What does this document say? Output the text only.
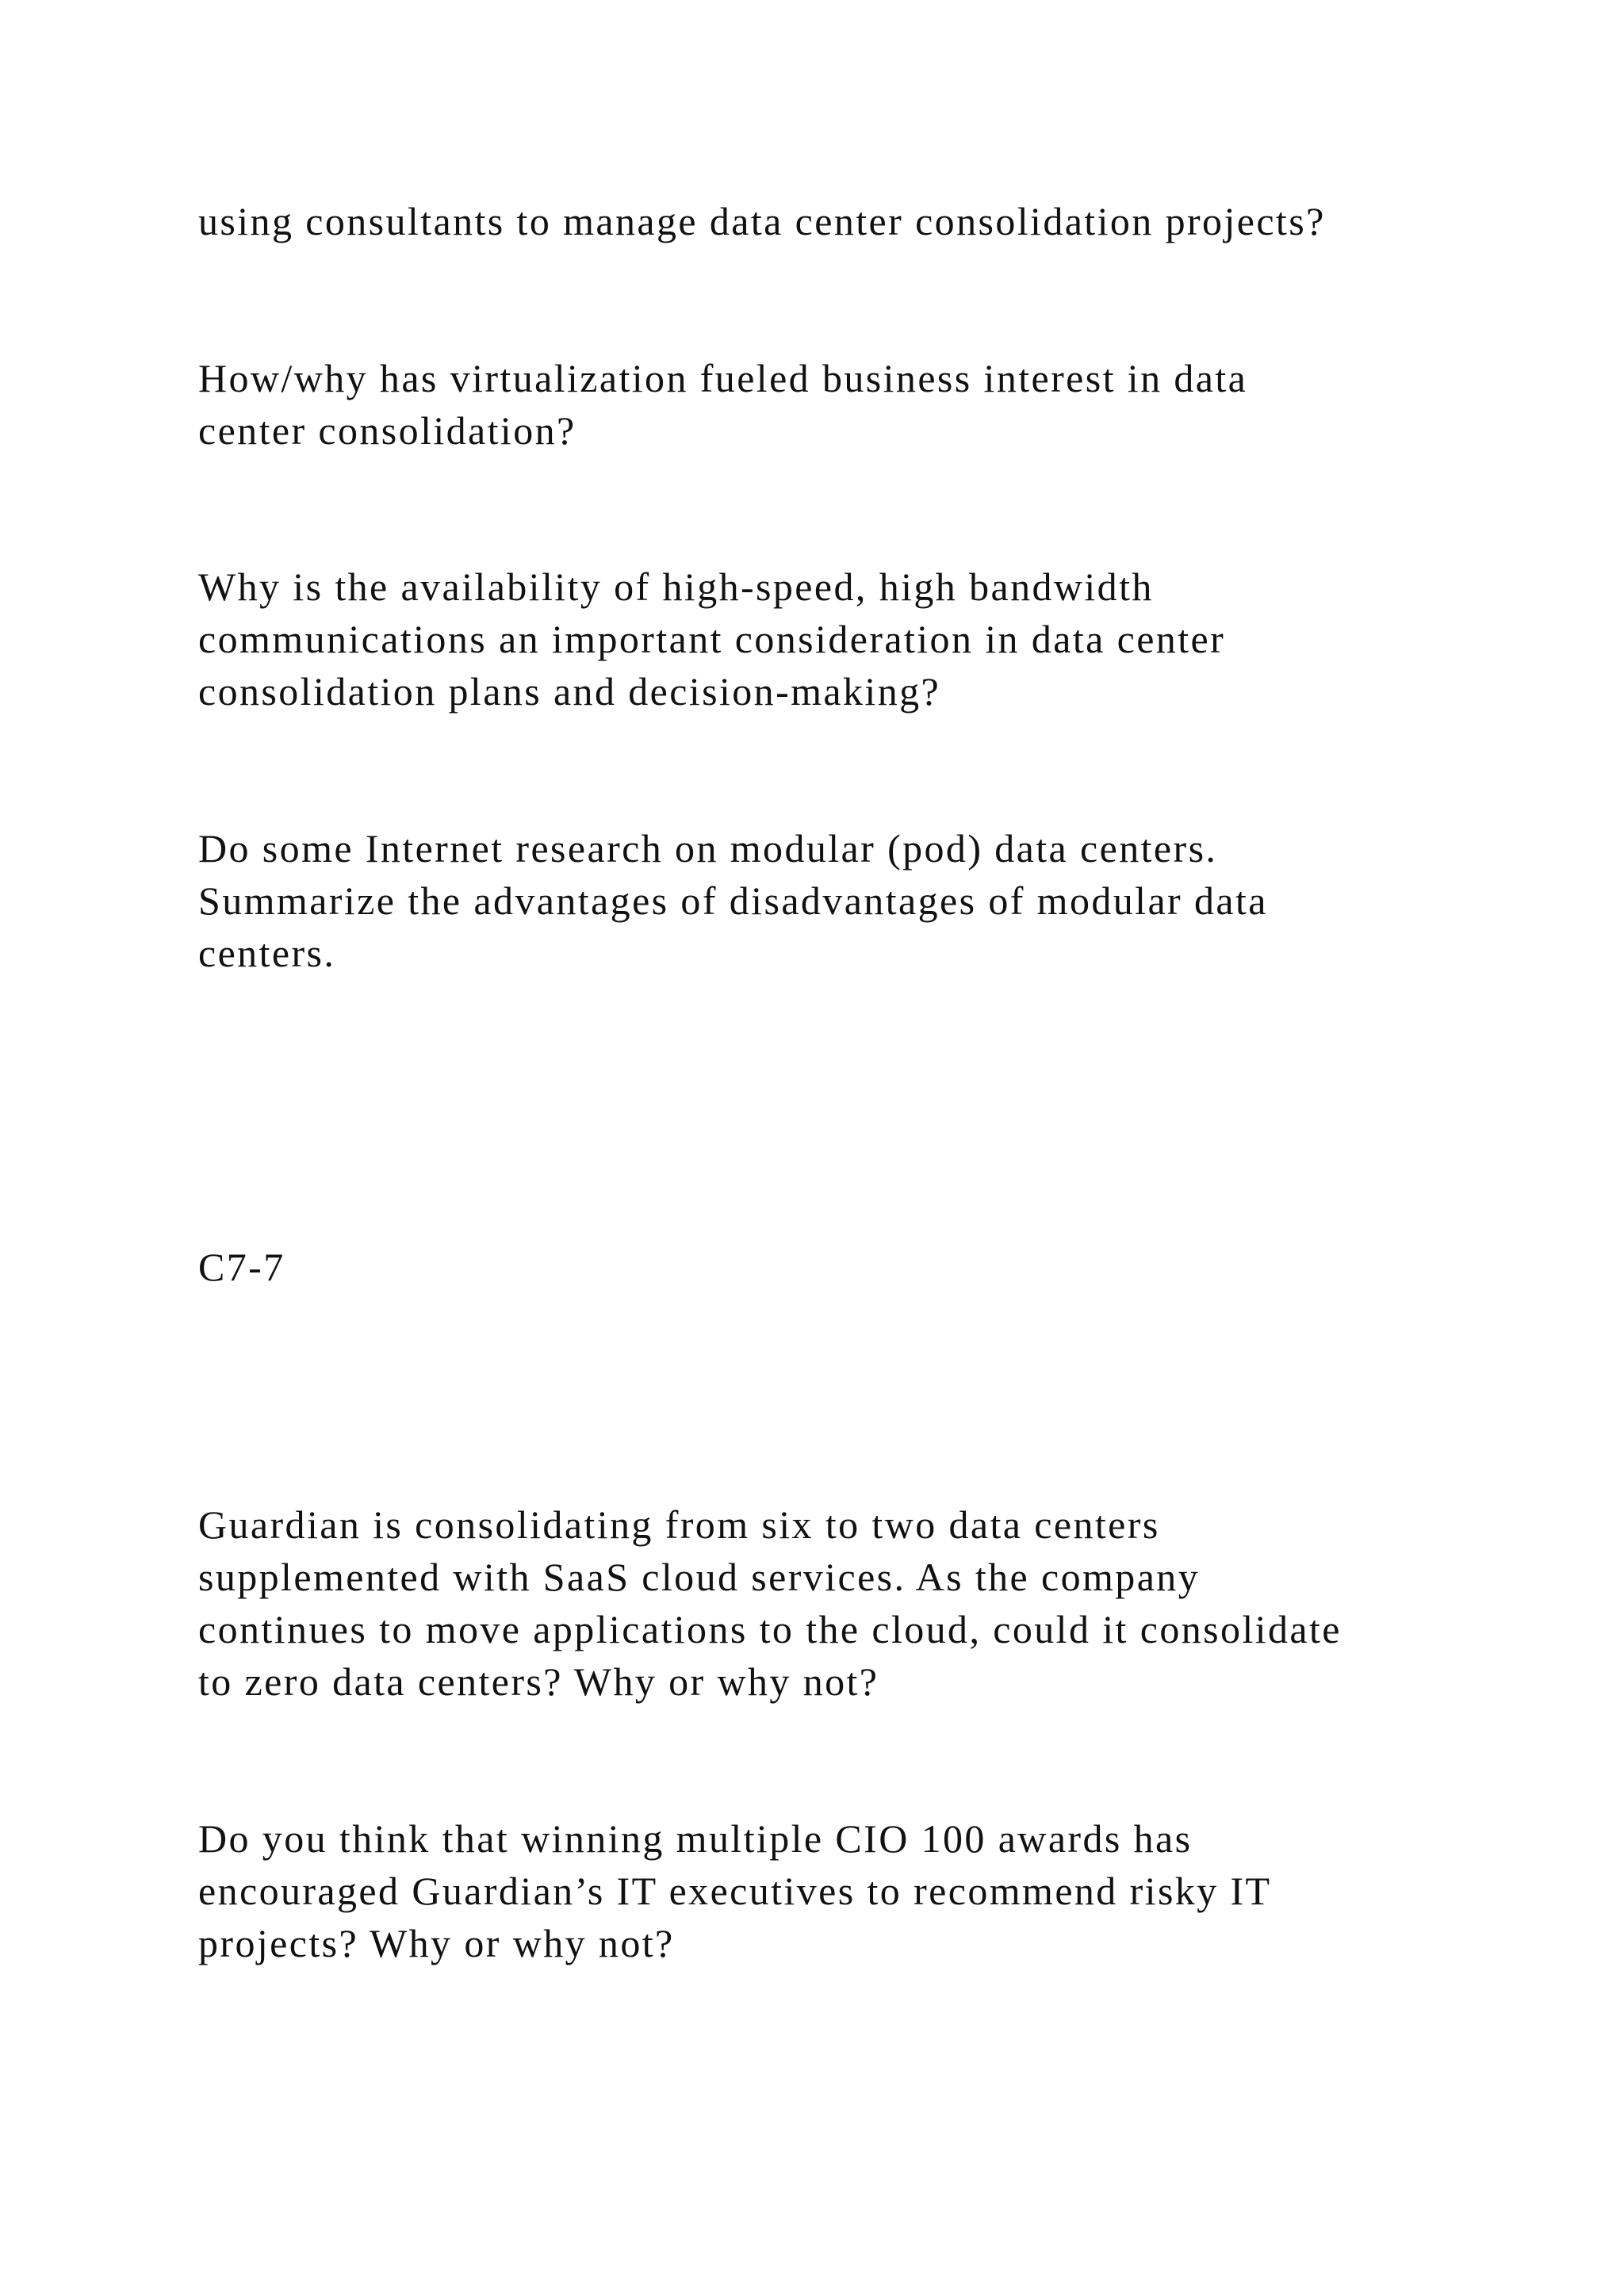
using consultants to manage data center consolidation projects?

How/why has virtualization fueled business interest in data
center consolidation?

Why is the availability of high-speed, high bandwidth
communications an important consideration in data center
consolidation plans and decision-making?

Do some Internet research on modular (pod) data centers.
Summarize the advantages of disadvantages of modular data
centers.

C7-7

Guardian is consolidating from six to two data centers
supplemented with SaaS cloud services. As the company
continues to move applications to the cloud, could it consolidate
to zero data centers? Why or why not?

Do you think that winning multiple CIO 100 awards has
encouraged Guardian’s IT executives to recommend risky IT
projects? Why or why not?
